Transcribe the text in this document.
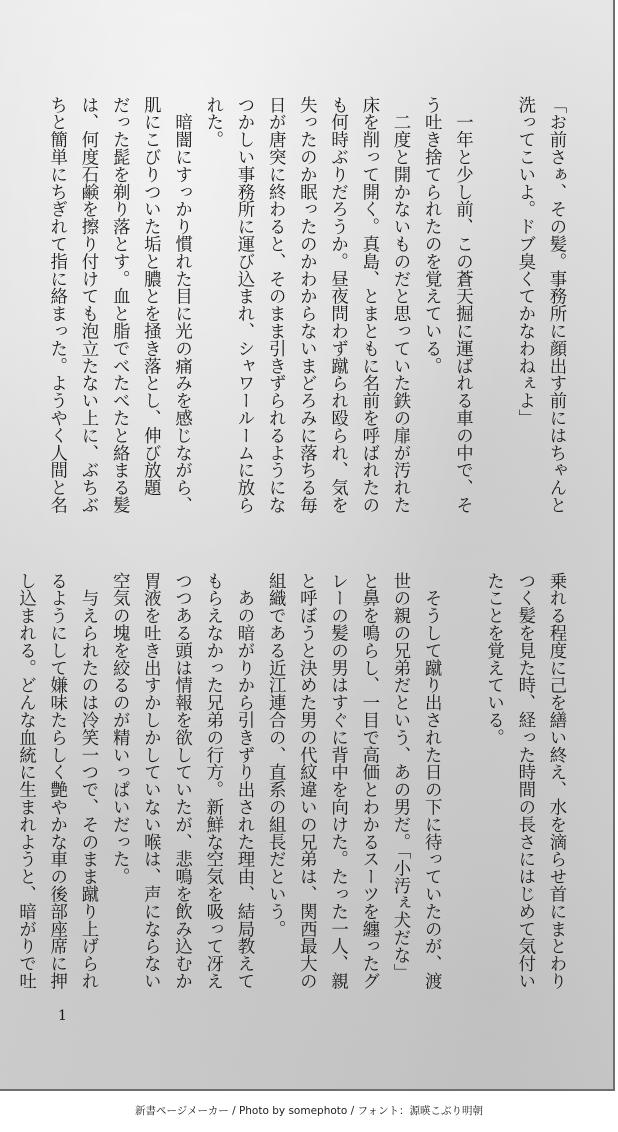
「お前さぁ、その髪。事務所に顔出す前にはちゃんと
洗ってこいよ。ドブ臭くてかなわねぇよ」

　一年と少し前、この蒼天掘に運ばれる車の中で、そ
う吐き捨てられたのを覚えている。
　二度と開かないものだと思っていた鉄の扉が汚れた
床を削って開く。真島、とまともに名前を呼ばれたの
も何時ぶりだろうか。昼夜問わず蹴られ殴られ、気を
失ったのか眠ったのかわからないまどろみに落ちる毎
日が唐突に終わると、そのまま引きずられるようにな
つかしい事務所に運び込まれ、シャワールームに放ら
れた。
　暗闇にすっかり慣れた目に光の痛みを感じながら、
肌にこびりついた垢と膿とを掻き落とし、伸び放題
だった髭を剃り落とす。血と脂でべたべたと絡まる髪
は、何度石鹸を擦り付けても泡立たない上に、ぶちぶ
ちと簡単にちぎれて指に絡まった。ようやく人間と名
乗れる程度に己を繕い終え、水を滴らせ首にまとわり
つく髪を見た時、経った時間の長さにはじめて気付い
たことを覚えている。

　そうして蹴り出された日の下に待っていたのが、渡
世の親の兄弟だという、あの男だ。「小汚ぇ犬だな」
と鼻を鳴らし、一目で高価とわかるスーツを纏ったグ
レーの髪の男はすぐに背中を向けた。たった一人、親
と呼ぼうと決めた男の代紋違いの兄弟は、関西最大の
組織である近江連合の、直系の組長だという。
　あの暗がりから引きずり出された理由、結局教えて
もらえなかった兄弟の行方。新鮮な空気を吸って冴え
つつある頭は情報を欲していたが、悲鳴を飲み込むか
胃液を吐き出すかしかしていない喉は、声にならない
空気の塊を絞るのが精いっぱいだった。
　与えられたのは冷笑一つで、そのまま蹴り上げられ
るようにして嫌味たらしく艶やかな車の後部座席に押
し込まれる。どんな血統に生まれようと、暗がりで吐
1
新書ページメーカー / Photo by somephoto / フォント：源暎こぶり明朝
